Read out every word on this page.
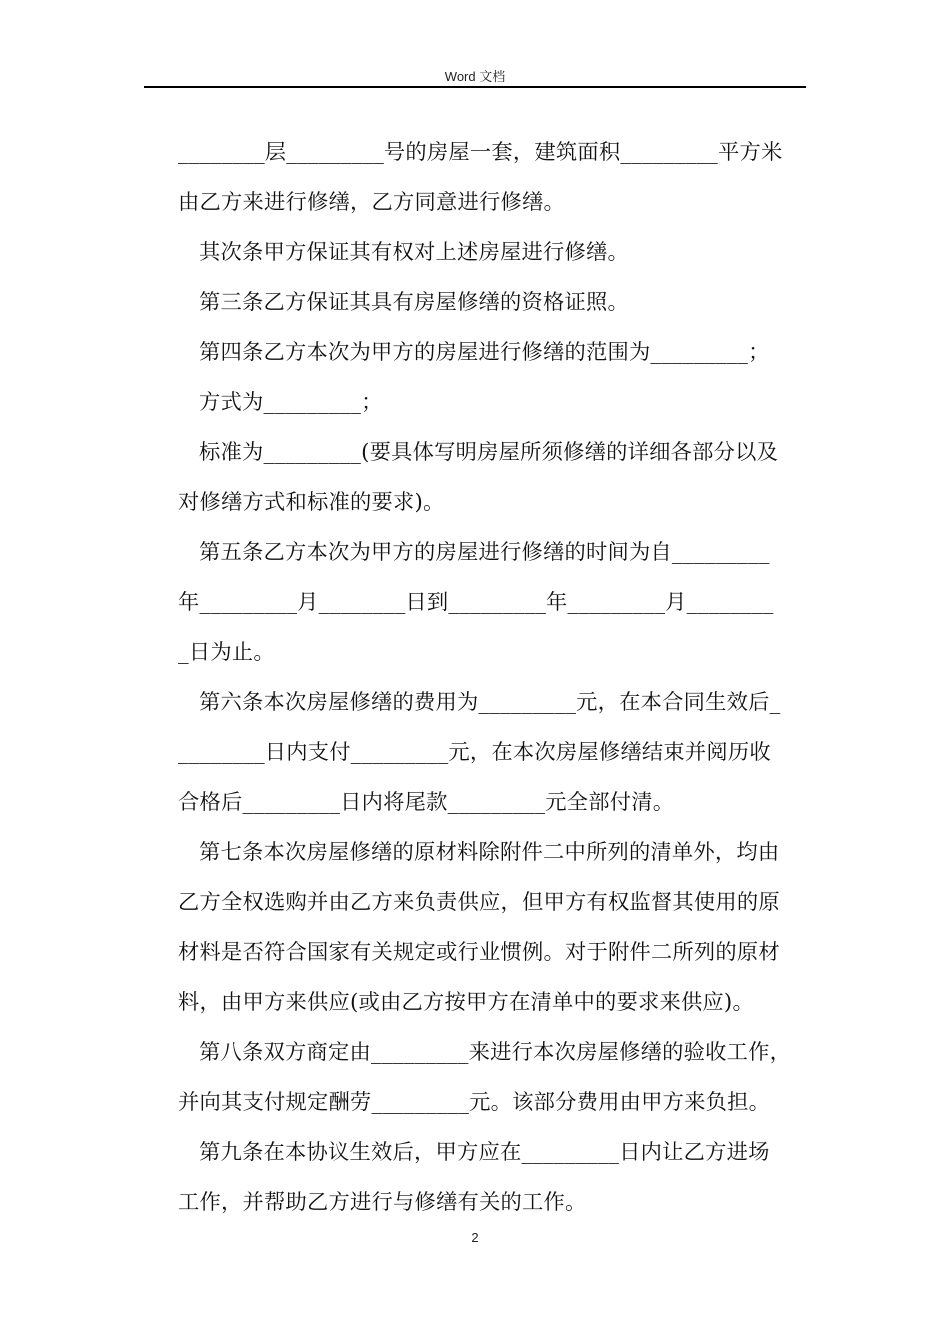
Word 文档
________层_________号的房屋一套，建筑面积_________平方米
由乙方来进行修缮，乙方同意进行修缮。
其次条甲方保证其有权对上述房屋进行修缮。
第三条乙方保证其具有房屋修缮的资格证照。
第四条乙方本次为甲方的房屋进行修缮的范围为_________；
方式为_________；
标准为_________(要具体写明房屋所须修缮的详细各部分以及
对修缮方式和标准的要求)。
第五条乙方本次为甲方的房屋进行修缮的时间为自_________
年_________月________日到_________年_________月________
_日为止。
第六条本次房屋修缮的费用为_________元，在本合同生效后_
________日内支付_________元，在本次房屋修缮结束并阅历收
合格后_________日内将尾款_________元全部付清。
第七条本次房屋修缮的原材料除附件二中所列的清单外，均由
乙方全权选购并由乙方来负责供应，但甲方有权监督其使用的原
材料是否符合国家有关规定或行业惯例。对于附件二所列的原材
料，由甲方来供应(或由乙方按甲方在清单中的要求来供应)。
第八条双方商定由_________来进行本次房屋修缮的验收工作，
并向其支付规定酬劳_________元。该部分费用由甲方来负担。
第九条在本协议生效后，甲方应在_________日内让乙方进场
工作，并帮助乙方进行与修缮有关的工作。
2
